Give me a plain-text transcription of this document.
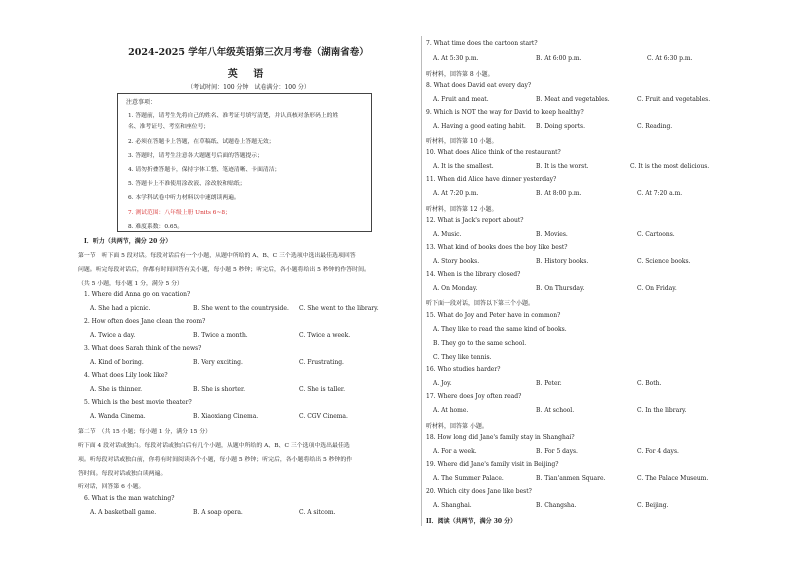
2024-2025 学年八年级英语第三次月考卷（湖南省卷）
英 语
（考试时间：100 分钟　试卷满分：100 分）
注意事项：
1. 答题前，请考生先将自己的姓名、准考证号填写清楚，并认真核对条形码上的姓
名、准考证号、考室和座位号；
2. 必须在答题卡上答题，在草稿纸、试题卷上答题无效；
3. 答题时，请考生注意各大题题号后面的答题提示；
4. 请勿折叠答题卡，保持字体工整、笔迹清晰、卡面清洁；
5. 答题卡上不准使用涂改液、涂改胶和贴纸；
6. 本学科试卷中听力材料以中速朗读两遍。
7. 测试范围：八年级上册 Units 6~8；
8. 难度系数：0.65。
I．听力（共两节，满分 20 分）
第一节　听下面 5 段对话。每段对话后有一个小题，从题中所给的 A、B、C 三个选项中选出最佳选项回答
问题。听完每段对话后，你都有时间回答有关小题，每小题 5 秒钟；听完后，各小题将给出 5 秒钟的作答时间。
（共 5 小题，每小题 1 分，满分 5 分）
1. Where did Anna go on vacation?
A. She had a picnic.	B. She went to the countryside. C. She went to the library.
2. How often does Jane clean the room?
A. Twice a day.	B. Twice a month.	C. Twice a week.
3. What does Sarah think of the news?
A. Kind of boring.	B. Very exciting.	C. Frustrating.
4. What does Lily look like?
A. She is thinner.	B. She is shorter.	C. She is taller.
5. Which is the best movie theater?
A. Wanda Cinema.	B. Xiaoxiang Cinema.	C. CGV Cinema.
第二节　（共 15 小题；每小题 1 分，满分 15 分）
听下面 4 段对话或独白。每段对话或独白后有几个小题，从题中所给的 A、B、C 三个选项中选出最佳选
项。听每段对话或独白前，你将有时间阅读各个小题，每小题 5 秒钟；听完后，各小题将给出 5 秒钟的作
答时间。每段对话或独白读两遍。
听对话，回答第 6 小题。
6. What is the man watching?
A. A basketball game.	B. A soap opera.	C. A sitcom.
7. What time does the cartoon start?
A. At 5:30 p.m.	B. At 6:00 p.m.	C. At 6:30 p.m.
听材料，回答第 8 小题。
8. What does David eat every day?
A. Fruit and meat.	B. Meat and vegetables.	C. Fruit and vegetables.
9. Which is NOT the way for David to keep healthy?
A. Having a good eating habit. B. Doing sports.	C. Reading.
听材料，回答第 10 小题。
10. What does Alice think of the restaurant?
A. It is the smallest.	B. It is the worst.	C. It is the most delicious.
11. When did Alice have dinner yesterday?
A. At 7:20 p.m.	B. At 8:00 p.m.	C. At 7:20 a.m.
听材料，回答第 12 小题。
12. What is Jack's report about?
A. Music.	B. Movies.	C. Cartoons.
13. What kind of books does the boy like best?
A. Story books.	B. History books.	C. Science books.
14. When is the library closed?
A. On Monday.	B. On Thursday.	C. On Friday.
听下面一段对话，回答以下第三个小题。
15. What do Joy and Peter have in common?
A. They like to read the same kind of books.
B. They go to the same school.
C. They like tennis.
16. Who studies harder?
A. Joy.	B. Peter.	C. Both.
17. Where does Joy often read?
A. At home.	B. At school.	C. In the library.
听材料，回答第 小题。
18. How long did Jane's family stay in Shanghai?
A. For a week.	B. For 5 days.	C. For 4 days.
19. Where did Jane's family visit in Beijing?
A. The Summer Palace.	B. Tian'anmen Square.	C. The Palace Museum.
20. Which city does Jane like best?
A. Shanghai.	B. Changsha.	C. Beijing.
II．阅读（共两节，满分 30 分）
